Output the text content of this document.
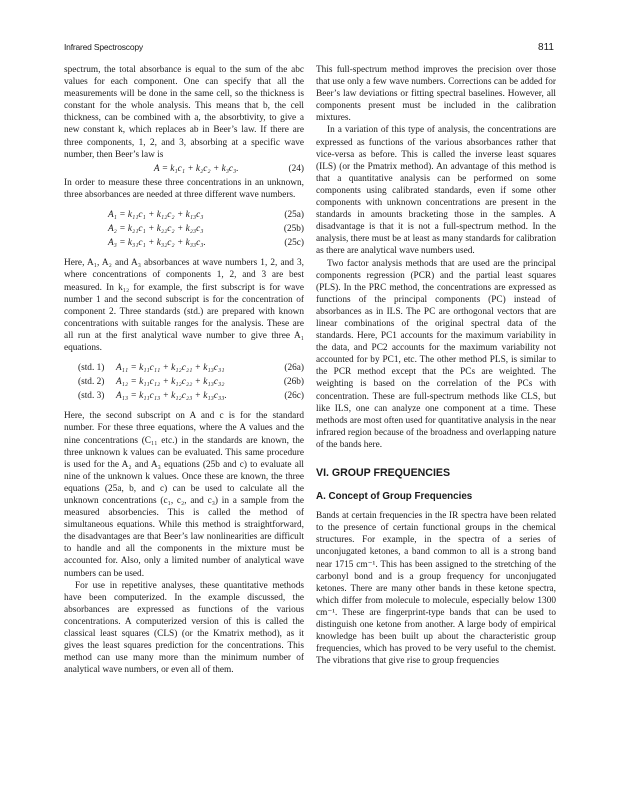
Infrared Spectroscopy	811

spectrum, the total absorbance is equal to the sum of the abc values for each component. One can specify that all the measurements will be done in the same cell, so the thickness is constant for the whole analysis. This means that b, the cell thickness, can be combined with a, the absorbtivity, to give a new constant k, which replaces ab in Beer’s law. If there are three components, 1, 2, and 3, absorbing at a specific wave number, then Beer’s law is

A = k₁c₁ + k₂c₂ + k₃c₃.	(24)

In order to measure these three concentrations in an unknown, three absorbances are needed at three different wave numbers.

A₁ = k₁₁c₁ + k₁₂c₂ + k₁₃c₃	(25a)
A₂ = k₂₁c₁ + k₂₂c₂ + k₂₃c₃	(25b)
A₃ = k₃₁c₁ + k₃₂c₂ + k₃₃c₃.	(25c)

Here, A₁, A₂ and A₃ absorbances at wave numbers 1, 2, and 3, where concentrations of components 1, 2, and 3 are best measured. In k₁₂ for example, the first subscript is for wave number 1 and the second subscript is for the concentration of component 2. Three standards (std.) are prepared with known concentrations with suitable ranges for the analysis. These are all run at the first analytical wave number to give three A₁ equations.

(std. 1)	A₁₁ = k₁₁c₁₁ + k₁₂c₂₁ + k₁₃c₃₁	(26a)
(std. 2)	A₁₂ = k₁₁c₁₂ + k₁₂c₂₂ + k₁₃c₃₂	(26b)
(std. 3)	A₁₃ = k₁₁c₁₃ + k₁₂c₂₃ + k₁₃c₃₃.	(26c)

Here, the second subscript on A and c is for the standard number. For these three equations, where the A values and the nine concentrations (C₁₁ etc.) in the standards are known, the three unknown k values can be evaluated. This same procedure is used for the A₂ and A₃ equations (25b and c) to evaluate all nine of the unknown k values. Once these are known, the three equations (25a, b, and c) can be used to calculate all the unknown concentrations (c₁, c₂, and c₃) in a sample from the measured absorbencies. This is called the method of simultaneous equations. While this method is straightforward, the disadvantages are that Beer’s law nonlinearities are difficult to handle and all the components in the mixture must be accounted for. Also, only a limited number of analytical wave numbers can be used.

For use in repetitive analyses, these quantitative methods have been computerized. In the example discussed, the absorbances are expressed as functions of the various concentrations. A computerized version of this is called the classical least squares (CLS) (or the Kmatrix method), as it gives the least squares prediction for the concentrations. This method can use many more than the minimum number of analytical wave numbers, or even all of them.

This full-spectrum method improves the precision over those that use only a few wave numbers. Corrections can be added for Beer’s law deviations or fitting spectral baselines. However, all components present must be included in the calibration mixtures.

In a variation of this type of analysis, the concentrations are expressed as functions of the various absorbances rather that vice-versa as before. This is called the inverse least squares (ILS) (or the Pmatrix method). An advantage of this method is that a quantitative analysis can be performed on some components using calibrated standards, even if some other components with unknown concentrations are present in the standards in amounts bracketing those in the samples. A disadvantage is that it is not a full-spectrum method. In the analysis, there must be at least as many standards for calibration as there are analytical wave numbers used.

Two factor analysis methods that are used are the principal components regression (PCR) and the partial least squares (PLS). In the PRC method, the concentrations are expressed as functions of the principal components (PC) instead of absorbances as in ILS. The PC are orthogonal vectors that are linear combinations of the original spectral data of the standards. Here, PC1 accounts for the maximum variability in the data, and PC2 accounts for the maximum variability not accounted for by PC1, etc. The other method PLS, is similar to the PCR method except that the PCs are weighted. The weighting is based on the correlation of the PCs with concentration. These are full-spectrum methods like CLS, but like ILS, one can analyze one component at a time. These methods are most often used for quantitative analysis in the near infrared region because of the broadness and overlapping nature of the bands here.

VI. GROUP FREQUENCIES
A. Concept of Group Frequencies

Bands at certain frequencies in the IR spectra have been related to the presence of certain functional groups in the chemical structures. For example, in the spectra of a series of unconjugated ketones, a band common to all is a strong band near 1715 cm⁻¹. This has been assigned to the stretching of the carbonyl bond and is a group frequency for unconjugated ketones. There are many other bands in these ketone spectra, which differ from molecule to molecule, especially below 1300 cm⁻¹. These are fingerprint-type bands that can be used to distinguish one ketone from another. A large body of empirical knowledge has been built up about the characteristic group frequencies, which has proved to be very useful to the chemist. The vibrations that give rise to group frequencies
